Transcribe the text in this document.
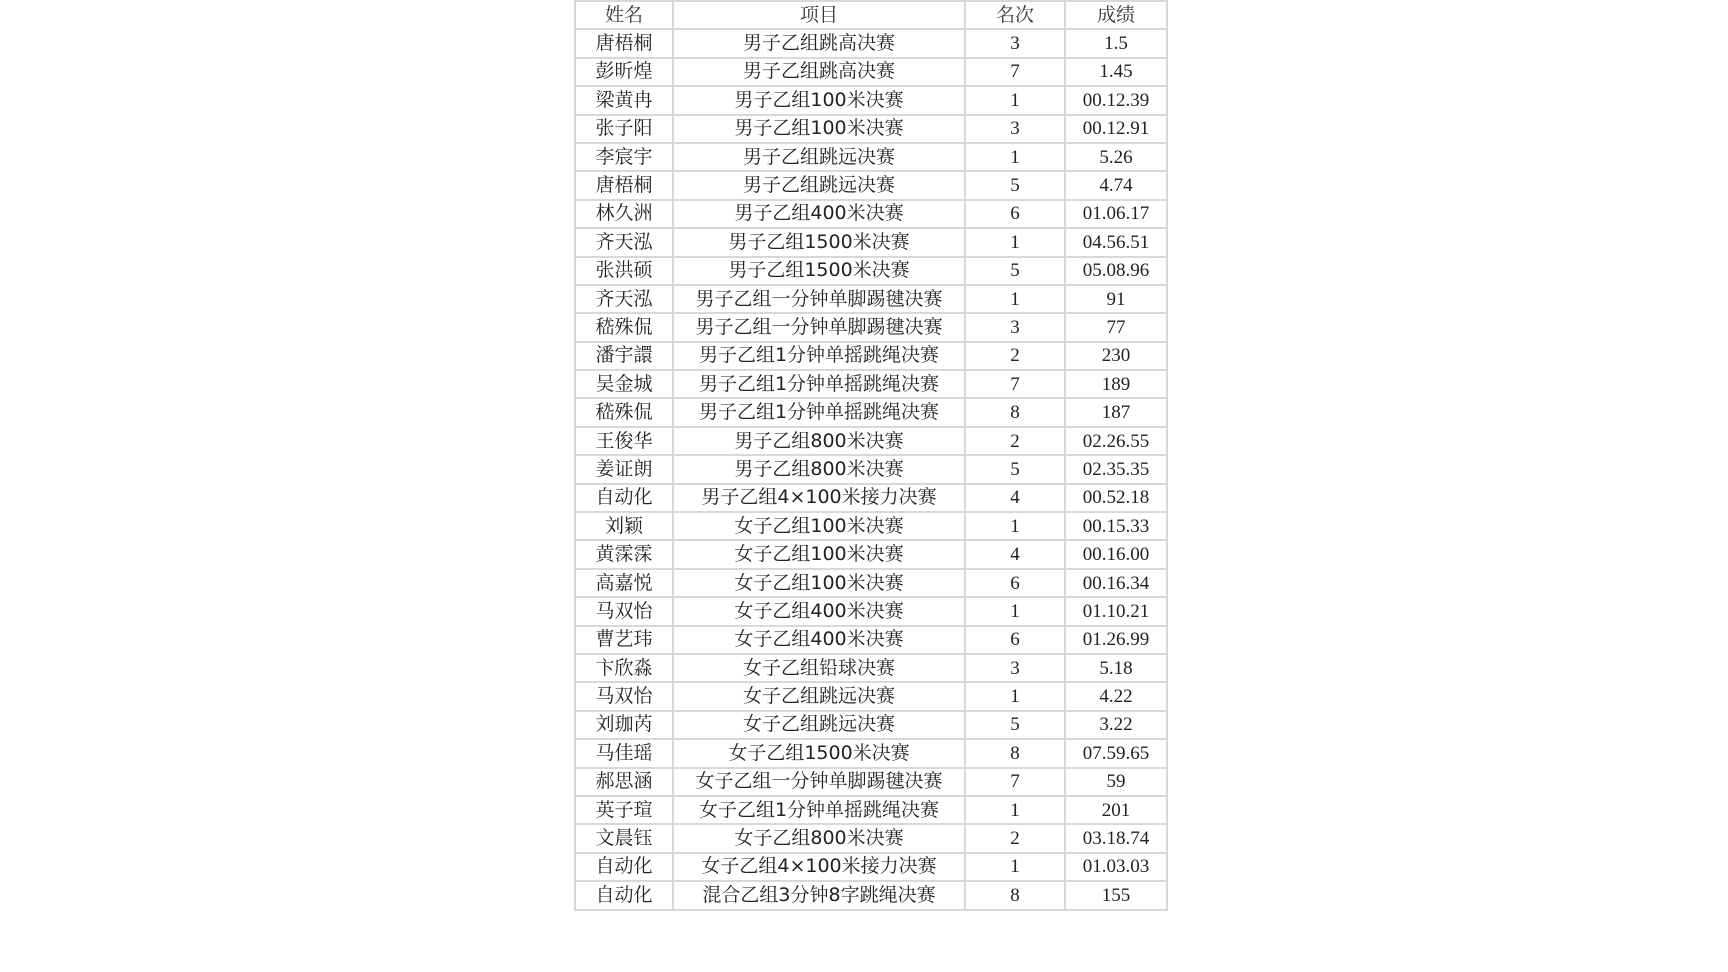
姓名	项目	名次	成绩
唐梧桐	男子乙组跳高决赛	3	1.5
彭昕煌	男子乙组跳高决赛	7	1.45
梁黄冉	男子乙组100米决赛	1	00.12.39
张子阳	男子乙组100米决赛	3	00.12.91
李宸宇	男子乙组跳远决赛	1	5.26
唐梧桐	男子乙组跳远决赛	5	4.74
林久洲	男子乙组400米决赛	6	01.06.17
齐天泓	男子乙组1500米决赛	1	04.56.51
张洪硕	男子乙组1500米决赛	5	05.08.96
齐天泓	男子乙组一分钟单脚踢毽决赛	1	91
嵇殊侃	男子乙组一分钟单脚踢毽决赛	3	77
潘宇譞	男子乙组1分钟单摇跳绳决赛	2	230
吴金城	男子乙组1分钟单摇跳绳决赛	7	189
嵇殊侃	男子乙组1分钟单摇跳绳决赛	8	187
王俊华	男子乙组800米决赛	2	02.26.55
姜证朗	男子乙组800米决赛	5	02.35.35
自动化	男子乙组4×100米接力决赛	4	00.52.18
刘颖	女子乙组100米决赛	1	00.15.33
黄霂霂	女子乙组100米决赛	4	00.16.00
高嘉悦	女子乙组100米决赛	6	00.16.34
马双怡	女子乙组400米决赛	1	01.10.21
曹艺玮	女子乙组400米决赛	6	01.26.99
卞欣淼	女子乙组铅球决赛	3	5.18
马双怡	女子乙组跳远决赛	1	4.22
刘珈芮	女子乙组跳远决赛	5	3.22
马佳瑶	女子乙组1500米决赛	8	07.59.65
郝思涵	女子乙组一分钟单脚踢毽决赛	7	59
英子瑄	女子乙组1分钟单摇跳绳决赛	1	201
文晨钰	女子乙组800米决赛	2	03.18.74
自动化	女子乙组4×100米接力决赛	1	01.03.03
自动化	混合乙组3分钟8字跳绳决赛	8	155
